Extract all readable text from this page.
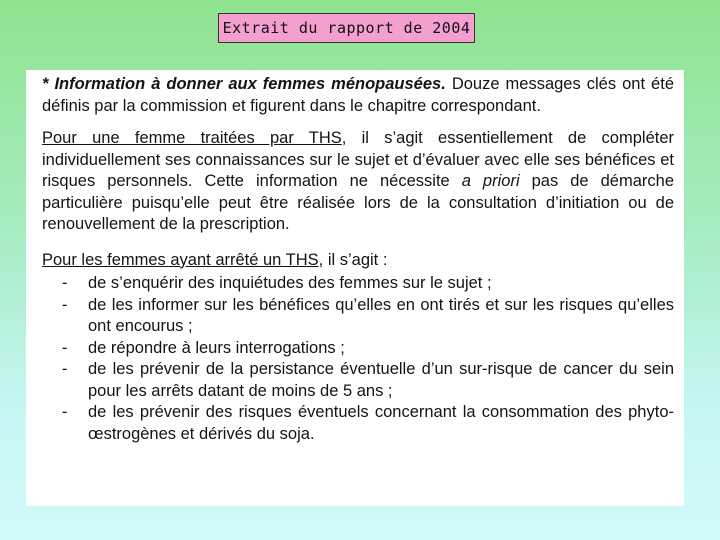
Extrait du rapport de 2004

* Information à donner aux femmes ménopausées. Douze messages clés ont été définis par la commission et figurent dans le chapitre correspondant.

Pour une femme traitées par THS, il s’agit essentiellement de compléter individuellement ses connaissances sur le sujet et d’évaluer avec elle ses bénéfices et risques personnels. Cette information ne nécessite a priori pas de démarche particulière puisqu’elle peut être réalisée lors de la consultation d’initiation ou de renouvellement de la prescription.

Pour les femmes ayant arrêté un THS, il s’agit :

-	de s’enquérir des inquiétudes des femmes sur le sujet ;
-	de les informer sur les bénéfices qu’elles en ont tirés et sur les risques qu’elles ont encourus ;
-	de répondre à leurs interrogations ;
-	de les prévenir de la persistance éventuelle d’un sur-risque de cancer du sein pour les arrêts datant de moins de 5 ans ;
-	de les prévenir des risques éventuels concernant la consommation des phyto-œstrogènes et dérivés du soja.
